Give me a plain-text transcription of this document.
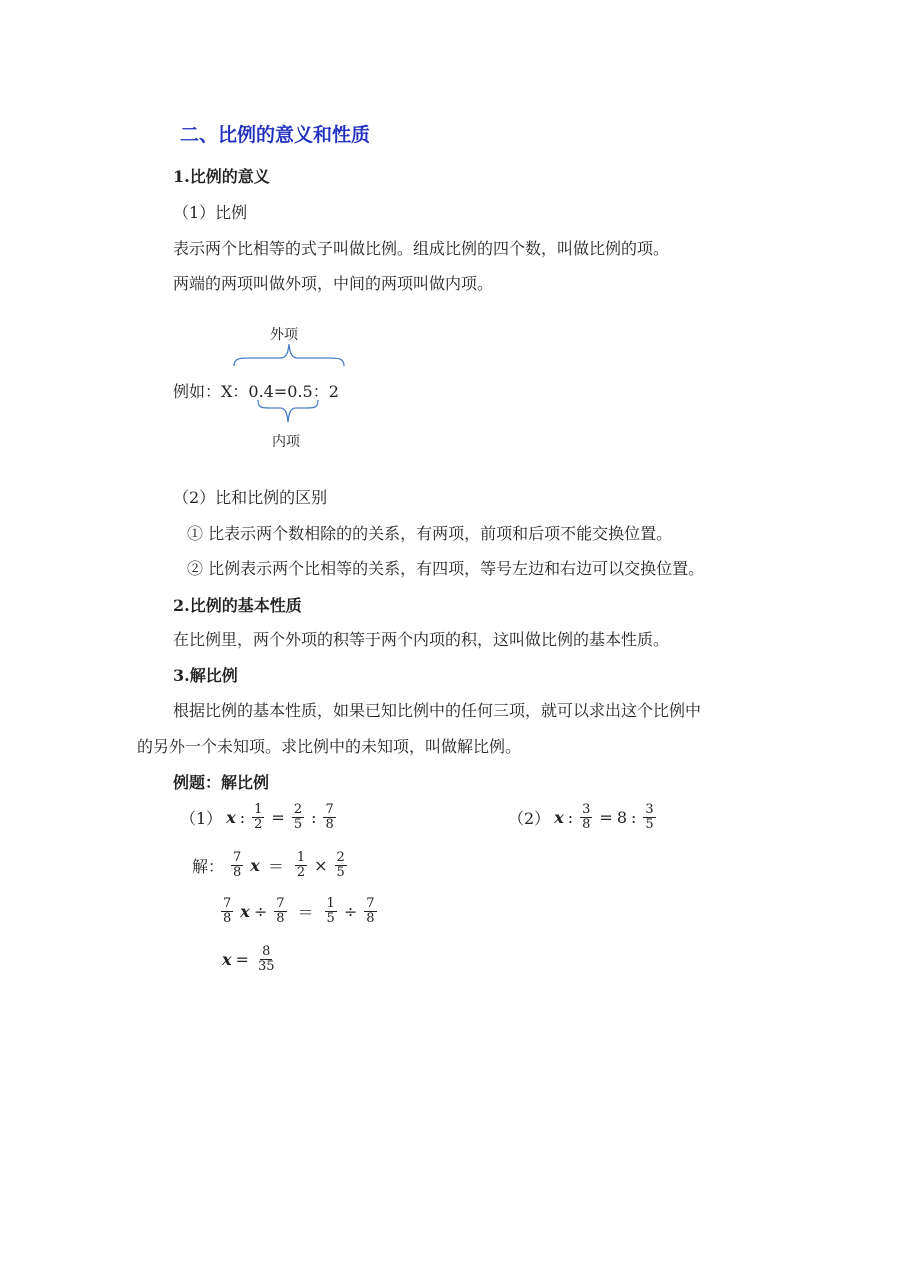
二、比例的意义和性质
1.比例的意义
（1）比例
表示两个比相等的式子叫做比例。组成比例的四个数，叫做比例的项。
两端的两项叫做外项，中间的两项叫做内项。
外项
例如：X：0.4=0.5：2
内项
（2）比和比例的区别
① 比表示两个数相除的的关系，有两项，前项和后项不能交换位置。
② 比例表示两个比相等的关系，有四项，等号左边和右边可以交换位置。
2.比例的基本性质
在比例里，两个外项的积等于两个内项的积，这叫做比例的基本性质。
3.解比例
根据比例的基本性质，如果已知比例中的任何三项，就可以求出这个比例中
的另外一个未知项。求比例中的未知项，叫做解比例。
例题：解比例
（1） x : $\frac{1}{2} = \frac{2}{5}$ : $\frac{7}{8}$	（2） x : $\frac{3}{8} = 8$ : $\frac{3}{5}$
解： $\frac{7}{8}$ $x = \frac{1}{2} \times \frac{2}{5}$
$\frac{7}{8}$ $x \div \frac{7}{8} = \frac{1}{5} \div \frac{7}{8}$
$x = \frac{8}{35}$
